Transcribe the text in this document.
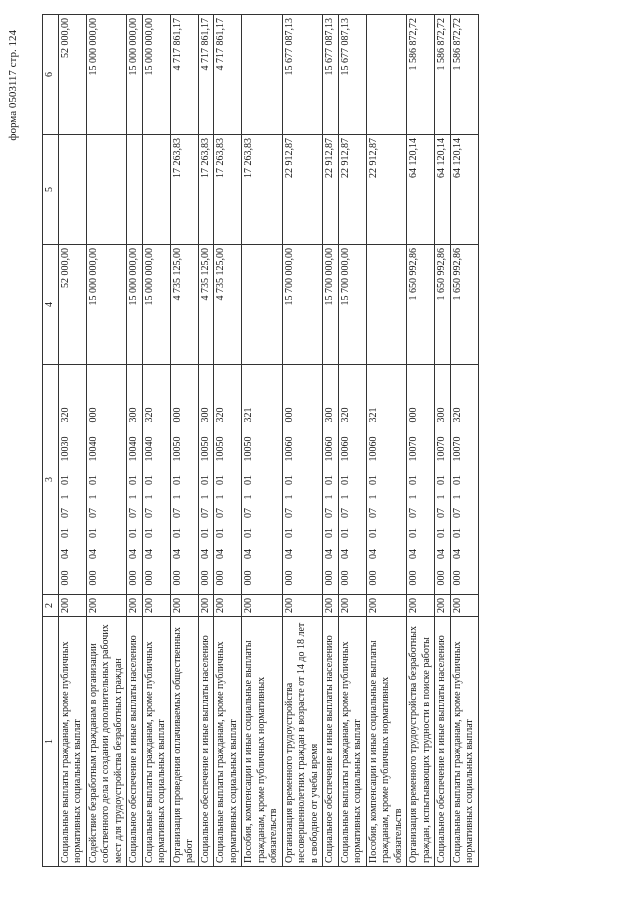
форма 0503117 стр. 124
1	2	3	4	5	6
Социальные выплаты гражданам, кроме публичных нормативных социальных выплат	200	00004010710110030320	52 000,00		52 000,00
Содействие безработным гражданам в организации собственного дела и создании дополнительных рабочих мест для трудоустройства безработных граждан	200	00004010710110040000	15 000 000,00		15 000 000,00
Социальное обеспечение и иные выплаты населению	200	00004010710110040300	15 000 000,00		15 000 000,00
Социальные выплаты гражданам, кроме публичных нормативных социальных выплат	200	00004010710110040320	15 000 000,00		15 000 000,00
Организация проведения оплачиваемых общественных работ	200	00004010710110050000	4 735 125,00	17 263,83	4 717 861,17
Социальное обеспечение и иные выплаты населению	200	00004010710110050300	4 735 125,00	17 263,83	4 717 861,17
Социальные выплаты гражданам, кроме публичных нормативных социальных выплат	200	00004010710110050320	4 735 125,00	17 263,83	4 717 861,17
Пособия, компенсации и иные социальные выплаты гражданам, кроме публичных нормативных обязательств	200	00004010710110050321		17 263,83	
Организация временного трудоустройства несовершеннолетних граждан в возрасте от 14 до 18 лет в свободное от учебы время	200	00004010710110060000	15 700 000,00	22 912,87	15 677 087,13
Социальное обеспечение и иные выплаты населению	200	00004010710110060300	15 700 000,00	22 912,87	15 677 087,13
Социальные выплаты гражданам, кроме публичных нормативных социальных выплат	200	00004010710110060320	15 700 000,00	22 912,87	15 677 087,13
Пособия, компенсации и иные социальные выплаты гражданам, кроме публичных нормативных обязательств	200	00004010710110060321		22 912,87	
Организация временного трудоустройства безработных граждан, испытывающих трудности в поиске работы	200	00004010710110070000	1 650 992,86	64 120,14	1 586 872,72
Социальное обеспечение и иные выплаты населению	200	00004010710110070300	1 650 992,86	64 120,14	1 586 872,72
Социальные выплаты гражданам, кроме публичных нормативных социальных выплат	200	00004010710110070320	1 650 992,86	64 120,14	1 586 872,72
